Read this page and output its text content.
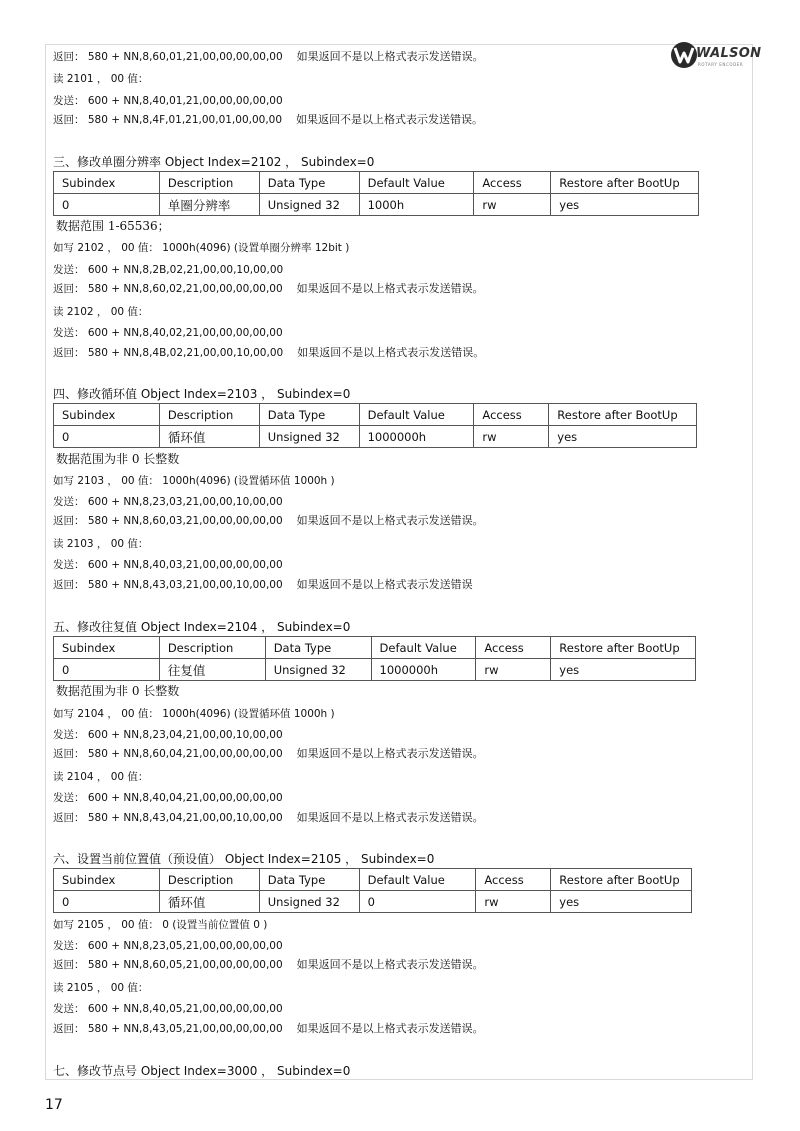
WALSON
ROTARY ENCODER
返回： 580 + NN,8,60,01,21,00,00,00,00,00 如果返回不是以上格式表示发送错误。
读 2101 ， 00 值：
发送： 600 + NN,8,40,01,21,00,00,00,00,00
返回： 580 + NN,8,4F,01,21,00,01,00,00,00 如果返回不是以上格式表示发送错误。
三、修改单圈分辨率 Object Index=2102 ， Subindex=0
Subindex	Description	Data Type	Default Value	Access	Restore after BootUp
0	单圈分辨率	Unsigned 32	1000h	rw	yes
数据范围 1-65536；
如写 2102 ， 00 值： 1000h(4096) (设置单圈分辨率 12bit )
发送： 600 + NN,8,2B,02,21,00,00,10,00,00
返回： 580 + NN,8,60,02,21,00,00,00,00,00 如果返回不是以上格式表示发送错误。
读 2102 ， 00 值：
发送： 600 + NN,8,40,02,21,00,00,00,00,00
返回： 580 + NN,8,4B,02,21,00,00,10,00,00 如果返回不是以上格式表示发送错误。
四、修改循环值 Object Index=2103 ， Subindex=0
Subindex	Description	Data Type	Default Value	Access	Restore after BootUp
0	循环值	Unsigned 32	1000000h	rw	yes
数据范围为非 0 长整数
如写 2103 ， 00 值： 1000h(4096) (设置循环值 1000h )
发送： 600 + NN,8,23,03,21,00,00,10,00,00
返回： 580 + NN,8,60,03,21,00,00,00,00,00 如果返回不是以上格式表示发送错误。
读 2103 ， 00 值：
发送： 600 + NN,8,40,03,21,00,00,00,00,00
返回： 580 + NN,8,43,03,21,00,00,10,00,00 如果返回不是以上格式表示发送错误
五、修改往复值 Object Index=2104 ， Subindex=0
Subindex	Description	Data Type	Default Value	Access	Restore after BootUp
0	往复值	Unsigned 32	1000000h	rw	yes
数据范围为非 0 长整数
如写 2104 ， 00 值： 1000h(4096) (设置循环值 1000h )
发送： 600 + NN,8,23,04,21,00,00,10,00,00
返回： 580 + NN,8,60,04,21,00,00,00,00,00 如果返回不是以上格式表示发送错误。
读 2104 ， 00 值：
发送： 600 + NN,8,40,04,21,00,00,00,00,00
返回： 580 + NN,8,43,04,21,00,00,10,00,00 如果返回不是以上格式表示发送错误。
六、设置当前位置值（预设值） Object Index=2105 ， Subindex=0
Subindex	Description	Data Type	Default Value	Access	Restore after BootUp
0	循环值	Unsigned 32	0	rw	yes
如写 2105 ， 00 值： 0 (设置当前位置值 0 )
发送： 600 + NN,8,23,05,21,00,00,00,00,00
返回： 580 + NN,8,60,05,21,00,00,00,00,00 如果返回不是以上格式表示发送错误。
读 2105 ， 00 值：
发送： 600 + NN,8,40,05,21,00,00,00,00,00
返回： 580 + NN,8,43,05,21,00,00,00,00,00 如果返回不是以上格式表示发送错误。
七、修改节点号 Object Index=3000 ， Subindex=0
17
